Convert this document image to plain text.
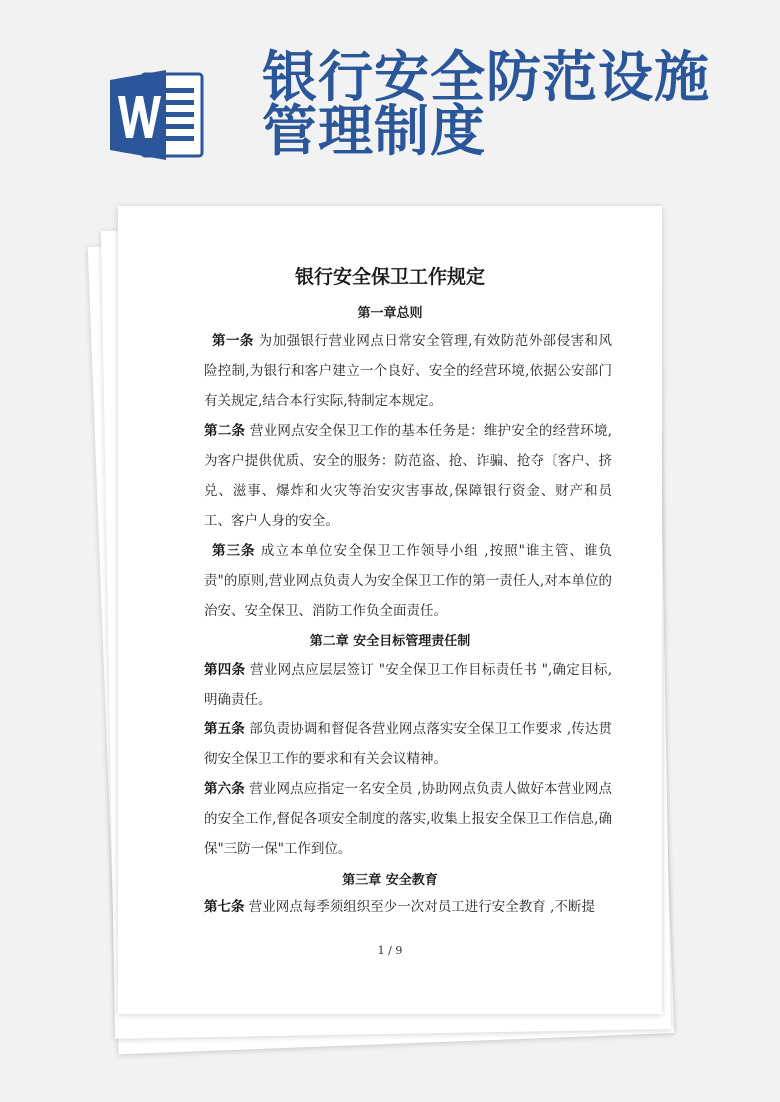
银行安全防范设施
管理制度
银行安全保卫工作规定
第一章总则
第一条 为加强银行营业网点日常安全管理,有效防范外部侵害和风险控制,为银行和客户建立一个良好、安全的经营环境,依据公安部门有关规定,结合本行实际,特制定本规定。
第二条 营业网点安全保卫工作的基本任务是：维护安全的经营环境,为客户提供优质、安全的服务：防范盗、抢、诈骗、抢夺〔客户、挤兑、滋事、爆炸和火灾等治安灾害事故,保障银行资金、财产和员工、客户人身的安全。
第三条 成立本单位安全保卫工作领导小组 ,按照"谁主管、谁负责"的原则,营业网点负责人为安全保卫工作的第一责任人,对本单位的治安、安全保卫、消防工作负全面责任。
第二章 安全目标管理责任制
第四条 营业网点应层层签订 "安全保卫工作目标责任书 ",确定目标,明确责任。
第五条 部负责协调和督促各营业网点落实安全保卫工作要求 ,传达贯彻安全保卫工作的要求和有关会议精神。
第六条 营业网点应指定一名安全员 ,协助网点负责人做好本营业网点的安全工作,督促各项安全制度的落实,收集上报安全保卫工作信息,确保"三防一保"工作到位。
第三章 安全教育
第七条 营业网点每季须组织至少一次对员工进行安全教育 ,不断提
1 / 9
